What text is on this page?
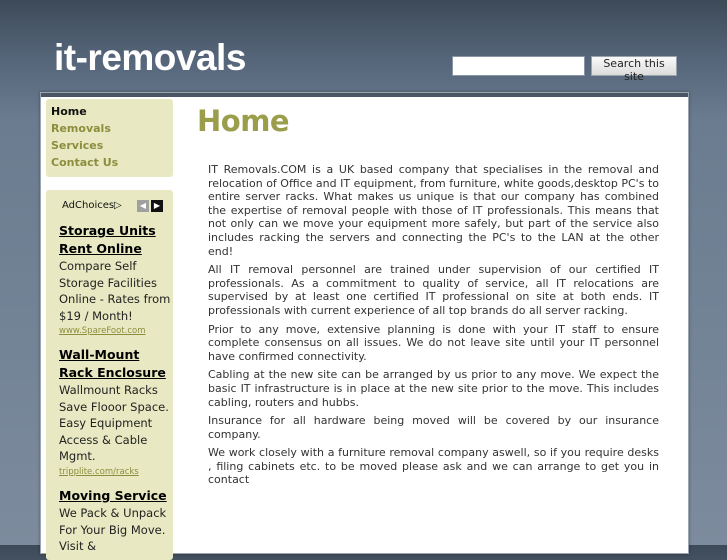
it-removals	Search this site
Home
Removals
Services
Contact Us
AdChoices ▷	◀ ▶
Storage Units Rent Online
Compare Self Storage Facilities Online - Rates from $19 / Month!
www.SpareFoot.com
Wall-Mount Rack Enclosure
Wallmount Racks Save Flooor Space. Easy Equipment Access & Cable Mgmt.
tripplite.com/racks
Moving Service
We Pack & Unpack For Your Big Move. Visit &
Home

IT Removals.COM is a UK based company that specialises in the removal and relocation of Office and IT equipment, from furniture, white goods,desktop PC's to entire server racks. What makes us unique is that our company has combined the expertise of removal people with those of IT professionals. This means that not only can we move your equipment more safely, but part of the service also includes racking the servers and connecting the PC's to the LAN at the other end!

All IT removal personnel are trained under supervision of our certified IT professionals. As a commitment to quality of service, all IT relocations are supervised by at least one certified IT professional on site at both ends. IT professionals with current experience of all top brands do all server racking.

Prior to any move, extensive planning is done with your IT staff to ensure complete consensus on all issues. We do not leave site until your IT personnel have confirmed connectivity.

Cabling at the new site can be arranged by us prior to any move. We expect the basic IT infrastructure is in place at the new site prior to the move. This includes cabling, routers and hubbs.

Insurance for all hardware being moved will be covered by our insurance company.

We work closely with a furniture removal company aswell, so if you require desks , filing cabinets etc. to be moved please ask and we can arrange to get you in contact
